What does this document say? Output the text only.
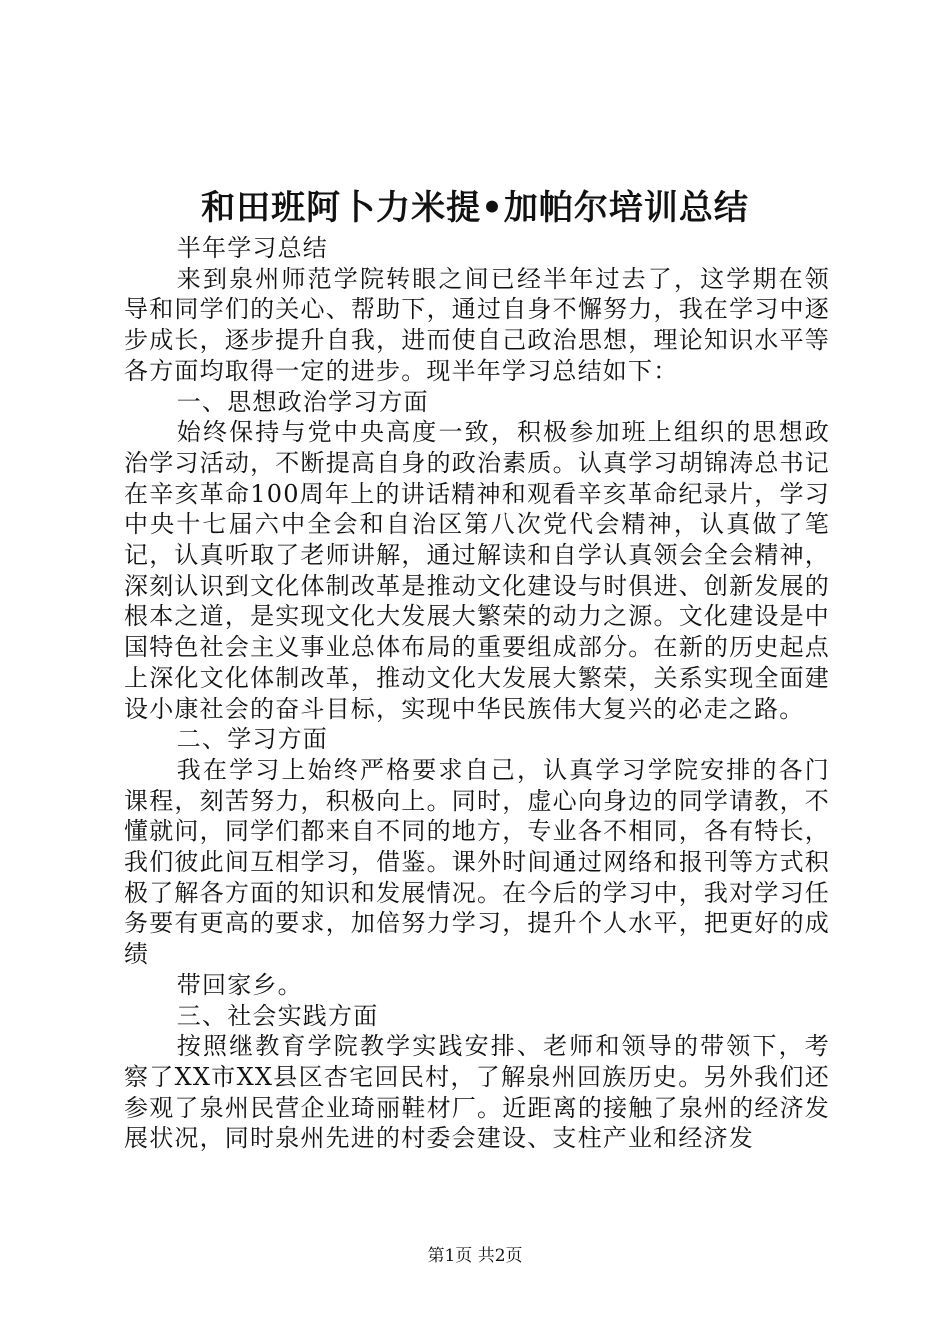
和田班阿卜力米提•加帕尔培训总结

半年学习总结

来到泉州师范学院转眼之间已经半年过去了，这学期在领导和同学们的关心、帮助下，通过自身不懈努力，我在学习中逐步成长，逐步提升自我，进而使自己政治思想，理论知识水平等各方面均取得一定的进步。现半年学习总结如下：

一、思想政治学习方面

始终保持与党中央高度一致，积极参加班上组织的思想政治学习活动，不断提高自身的政治素质。认真学习胡锦涛总书记在辛亥革命100周年上的讲话精神和观看辛亥革命纪录片，学习中央十七届六中全会和自治区第八次党代会精神，认真做了笔记，认真听取了老师讲解，通过解读和自学认真领会全会精神，深刻认识到文化体制改革是推动文化建设与时俱进、创新发展的根本之道，是实现文化大发展大繁荣的动力之源。文化建设是中国特色社会主义事业总体布局的重要组成部分。在新的历史起点上深化文化体制改革，推动文化大发展大繁荣，关系实现全面建设小康社会的奋斗目标，实现中华民族伟大复兴的必走之路。

二、学习方面

我在学习上始终严格要求自己，认真学习学院安排的各门课程，刻苦努力，积极向上。同时，虚心向身边的同学请教，不懂就问，同学们都来自不同的地方，专业各不相同，各有特长，我们彼此间互相学习，借鉴。课外时间通过网络和报刊等方式积极了解各方面的知识和发展情况。在今后的学习中，我对学习任务要有更高的要求，加倍努力学习，提升个人水平，把更好的成绩

带回家乡。

三、社会实践方面

按照继教育学院教学实践安排、老师和领导的带领下，考察了XX市XX县区杏宅回民村，了解泉州回族历史。另外我们还参观了泉州民营企业琦丽鞋材厂。近距离的接触了泉州的经济发展状况，同时泉州先进的村委会建设、支柱产业和经济发

第1页 共2页
